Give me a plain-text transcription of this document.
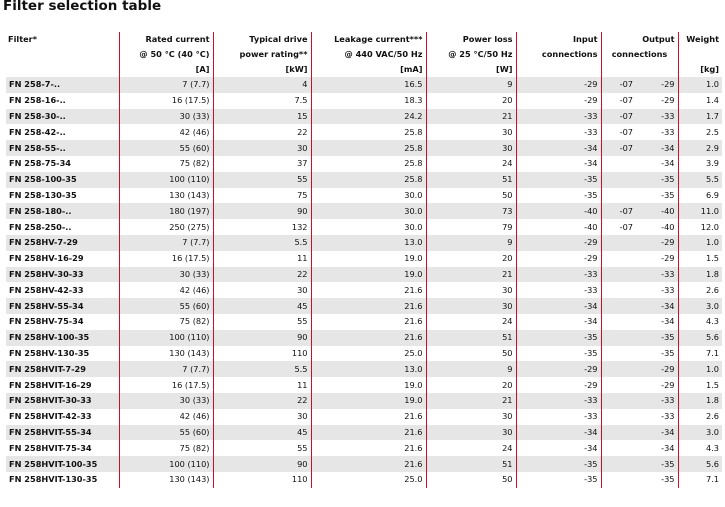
Filter selection table
Filter*	Rated current	Typical drive	Leakage current***	Power loss	Input	Output		Weight
	@ 50 °C (40 °C)	power rating**	@ 440 VAC/50 Hz	@ 25 °C/50 Hz	connections	connections		
	[A]	[kW]	[mA]	[W]				[kg]
FN 258-7-..	7 (7.7)	4	16.5	9	-29	-07	-29	1.0
FN 258-16-..	16 (17.5)	7.5	18.3	20	-29	-07	-29	1.4
FN 258-30-..	30 (33)	15	24.2	21	-33	-07	-33	1.7
FN 258-42-..	42 (46)	22	25.8	30	-33	-07	-33	2.5
FN 258-55-..	55 (60)	30	25.8	30	-34	-07	-34	2.9
FN 258-75-34	75 (82)	37	25.8	24	-34		-34	3.9
FN 258-100-35	100 (110)	55	25.8	51	-35		-35	5.5
FN 258-130-35	130 (143)	75	30.0	50	-35		-35	6.9
FN 258-180-..	180 (197)	90	30.0	73	-40	-07	-40	11.0
FN 258-250-..	250 (275)	132	30.0	79	-40	-07	-40	12.0
FN 258HV-7-29	7 (7.7)	5.5	13.0	9	-29		-29	1.0
FN 258HV-16-29	16 (17.5)	11	19.0	20	-29		-29	1.5
FN 258HV-30-33	30 (33)	22	19.0	21	-33		-33	1.8
FN 258HV-42-33	42 (46)	30	21.6	30	-33		-33	2.6
FN 258HV-55-34	55 (60)	45	21.6	30	-34		-34	3.0
FN 258HV-75-34	75 (82)	55	21.6	24	-34		-34	4.3
FN 258HV-100-35	100 (110)	90	21.6	51	-35		-35	5.6
FN 258HV-130-35	130 (143)	110	25.0	50	-35		-35	7.1
FN 258HVIT-7-29	7 (7.7)	5.5	13.0	9	-29		-29	1.0
FN 258HVIT-16-29	16 (17.5)	11	19.0	20	-29		-29	1.5
FN 258HVIT-30-33	30 (33)	22	19.0	21	-33		-33	1.8
FN 258HVIT-42-33	42 (46)	30	21.6	30	-33		-33	2.6
FN 258HVIT-55-34	55 (60)	45	21.6	30	-34		-34	3.0
FN 258HVIT-75-34	75 (82)	55	21.6	24	-34		-34	4.3
FN 258HVIT-100-35	100 (110)	90	21.6	51	-35		-35	5.6
FN 258HVIT-130-35	130 (143)	110	25.0	50	-35		-35	7.1
